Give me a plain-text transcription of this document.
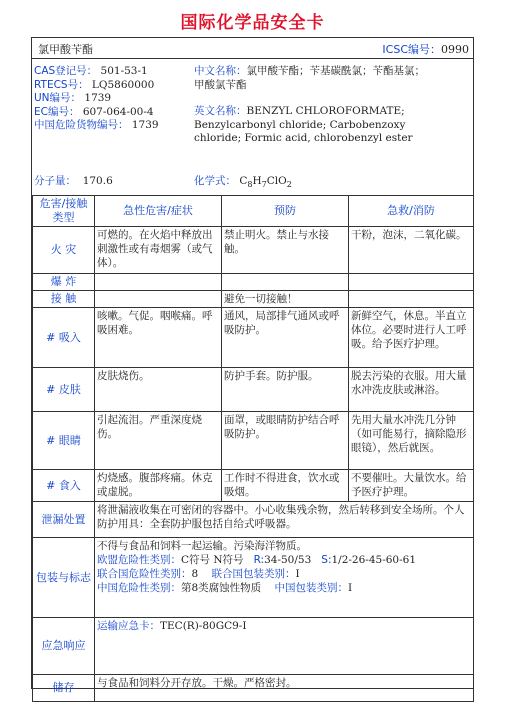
国际化学品安全卡
氯甲酸苄酯	ICSC编号：0990
CAS登记号： 501-53-1
RTECS号： LQ5860000
UN编号： 1739
EC编号： 607-064-00-4
中国危险货物编号： 1739
中文名称：氯甲酸苄酯；苄基碳酰氯；苄酯基氯；
甲酸氯苄酯
英文名称：BENZYL CHLOROFORMATE;
Benzylcarbonyl chloride; Carbobenzoxy
chloride; Formic acid, chlorobenzyl ester
分子量： 170.6	化学式： $C_8H_7ClO_2$
危害/接触类型	急性危害/症状	预防	急救/消防
火 灾	可燃的。在火焰中释放出刺激性或有毒烟雾（或气体）。	禁止明火。禁止与水接触。	干粉，泡沫，二氧化碳。
爆 炸			
接 触		避免一切接触！	
# 吸入	咳嗽。气促。咽喉痛。呼吸困难。	通风，局部排气通风或呼吸防护。	新鲜空气，休息。半直立体位。必要时进行人工呼吸。给予医疗护理。
# 皮肤	皮肤烧伤。	防护手套。防护服。	脱去污染的衣服。用大量水冲洗皮肤或淋浴。
# 眼睛	引起流泪。严重深度烧伤。	面罩，或眼睛防护结合呼吸防护。	先用大量水冲洗几分钟（如可能易行，摘除隐形眼镜），然后就医。
# 食入	灼烧感。腹部疼痛。休克或虚脱。	工作时不得进食，饮水或吸烟。	不要催吐。大量饮水。给予医疗护理。
泄漏处置	将泄漏液收集在可密闭的容器中。小心收集残余物，然后转移到安全场所。个人防护用具：全套防护服包括自给式呼吸器。		
包装与标志	不得与食品和饲料一起运输。污染海洋物质。
欧盟危险性类别：C符号 N符号 R:34-50/53 S:1/2-26-45-60-61
联合国危险性类别：8 联合国包装类别：I
中国危险性类别：第8类腐蚀性物质 中国包装类别：I		

应急响应	运输应急卡：TEC(R)-80GC9-I		
储存	与食品和饲料分开存放。干燥。严格密封。		
